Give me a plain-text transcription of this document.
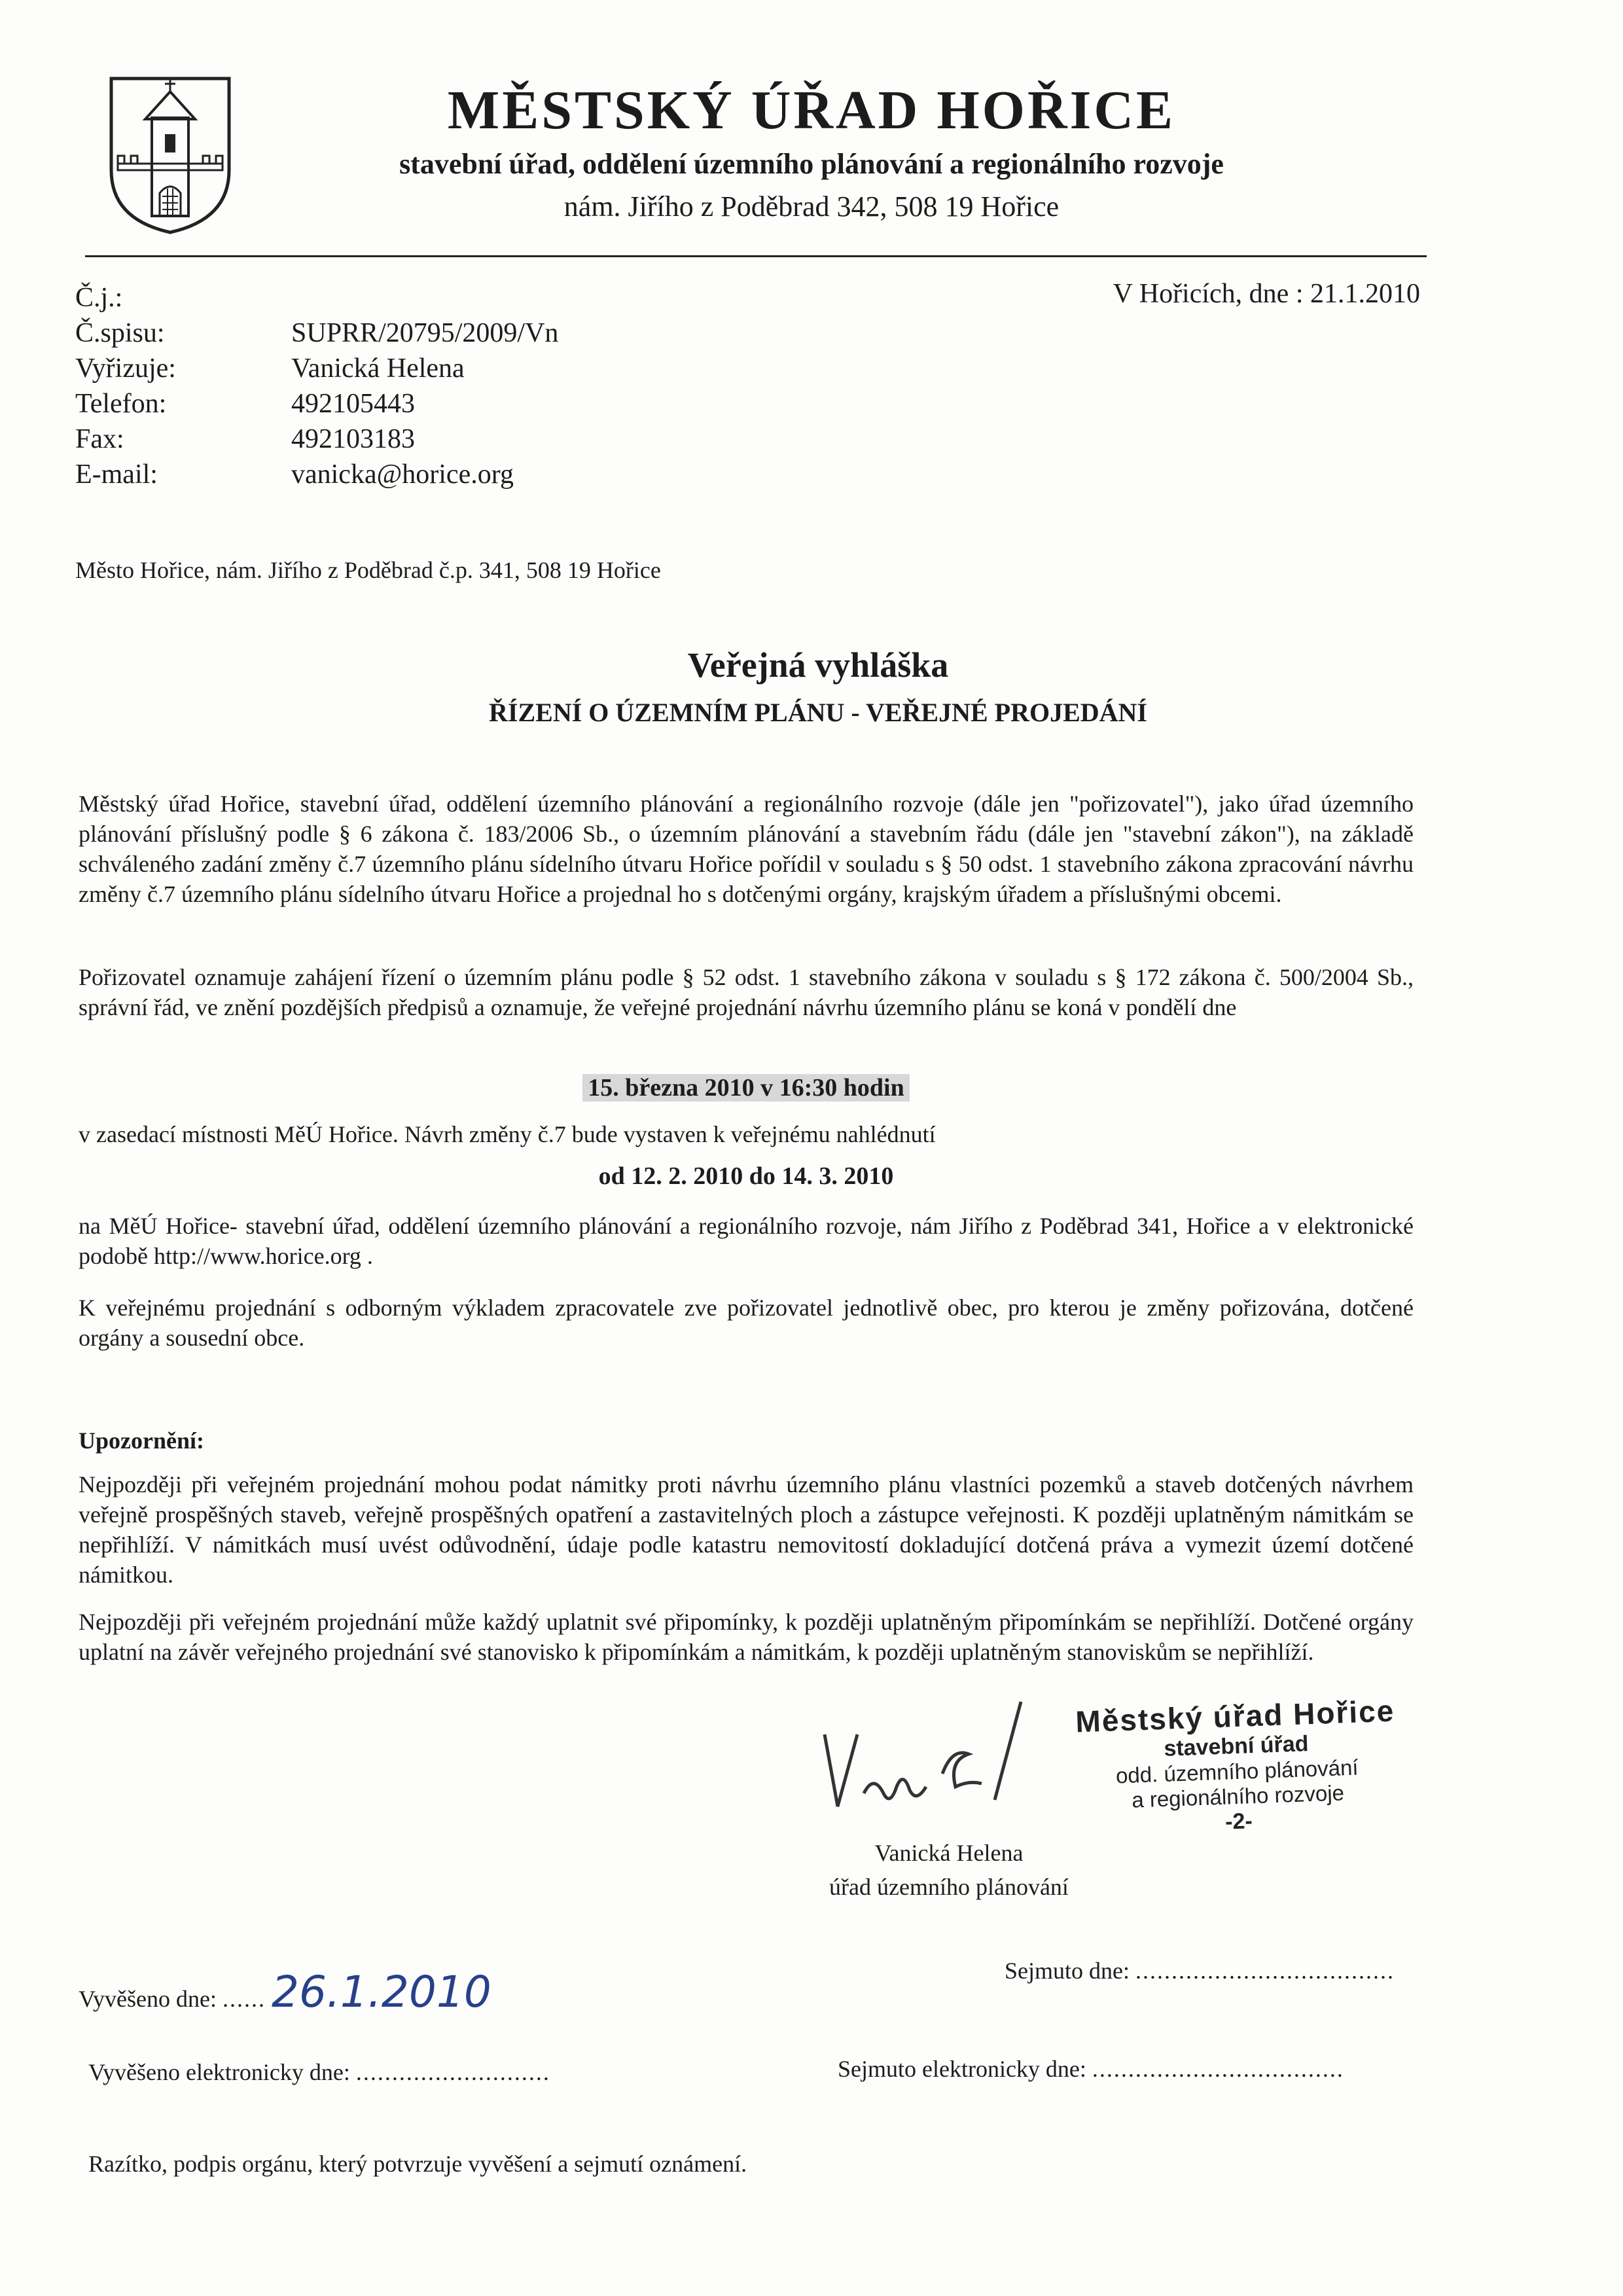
MĚSTSKÝ ÚŘAD HOŘICE
stavební úřad, oddělení územního plánování a regionálního rozvoje
nám. Jiřího z Poděbrad 342, 508 19 Hořice
Č.j.:
Č.spisu:	SUPRR/20795/2009/Vn
Vyřizuje:	Vanická Helena
Telefon:	492105443
Fax:	492103183
E-mail:	vanicka@horice.org
V Hořicích, dne : 21.1.2010
Město Hořice, nám. Jiřího z Poděbrad č.p. 341, 508 19 Hořice
Veřejná vyhláška
ŘÍZENÍ O ÚZEMNÍM PLÁNU - VEŘEJNÉ PROJEDÁNÍ
Městský úřad Hořice, stavební úřad, oddělení územního plánování a regionálního rozvoje (dále jen "pořizovatel"), jako úřad územního plánování příslušný podle § 6 zákona č. 183/2006 Sb., o územním plánování a stavebním řádu (dále jen "stavební zákon"), na základě schváleného zadání změny č.7 územního plánu sídelního útvaru Hořice pořídil v souladu s § 50 odst. 1 stavebního zákona zpracování návrhu změny č.7 územního plánu sídelního útvaru Hořice a projednal ho s dotčenými orgány, krajským úřadem a příslušnými obcemi.
Pořizovatel oznamuje zahájení řízení o územním plánu podle § 52 odst. 1 stavebního zákona v souladu s § 172 zákona č. 500/2004 Sb., správní řád, ve znění pozdějších předpisů a oznamuje, že veřejné projednání návrhu územního plánu se koná v pondělí dne
15. března 2010 v 16:30 hodin
v zasedací místnosti MěÚ Hořice. Návrh změny č.7 bude vystaven k veřejnému nahlédnutí
od 12. 2. 2010 do 14. 3. 2010
na MěÚ Hořice- stavební úřad, oddělení územního plánování a regionálního rozvoje, nám Jiřího z Poděbrad 341, Hořice a v elektronické podobě http://www.horice.org .
K veřejnému projednání s odborným výkladem zpracovatele zve pořizovatel jednotlivě obec, pro kterou je změny pořizována, dotčené orgány a sousední obce.
Upozornění:
Nejpozději při veřejném projednání mohou podat námitky proti návrhu územního plánu vlastníci pozemků a staveb dotčených návrhem veřejně prospěšných staveb, veřejně prospěšných opatření a zastavitelných ploch a zástupce veřejnosti. K později uplatněným námitkám se nepřihlíží. V námitkách musí uvést odůvodnění, údaje podle katastru nemovitostí dokladující dotčená práva a vymezit území dotčené námitkou.
Nejpozději při veřejném projednání může každý uplatnit své připomínky, k později uplatněným připomínkám se nepřihlíží. Dotčené orgány uplatní na závěr veřejného projednání své stanovisko k připomínkám a námitkám, k později uplatněným stanoviskům se nepřihlíží.
Městský úřad Hořice
stavební úřad
odd. územního plánování
a regionálního rozvoje
-2-
Vanická Helena
úřad územního plánování
Vyvěšeno dne: ...... 26.1.2010	Sejmuto dne: ....................................
Vyvěšeno elektronicky dne: ...........................	Sejmuto elektronicky dne: ...................................
Razítko, podpis orgánu, který potvrzuje vyvěšení a sejmutí oznámení.
